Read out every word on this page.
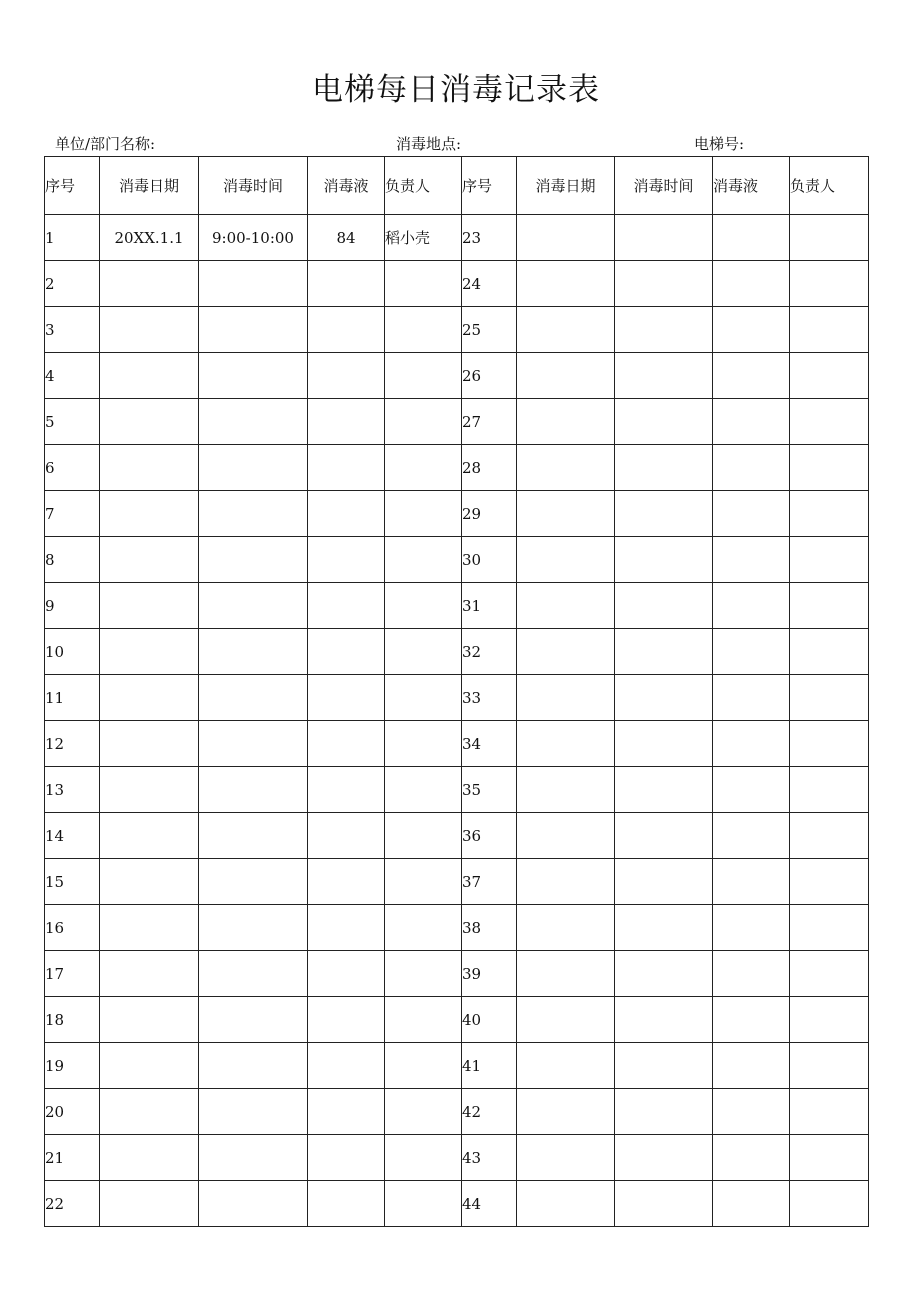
电梯每日消毒记录表
单位/部门名称:	消毒地点:	电梯号:
序号	消毒日期	消毒时间	消毒液	负责人	序号	消毒日期	消毒时间	消毒液	负责人
1	20XX.1.1	9:00-10:00	84	稻小壳	23				
2					24				
3					25				
4					26				
5					27				
6					28				
7					29				
8					30				
9					31				
10					32				
11					33				
12					34				
13					35				
14					36				
15					37				
16					38				
17					39				
18					40				
19					41				
20					42				
21					43				
22					44				
